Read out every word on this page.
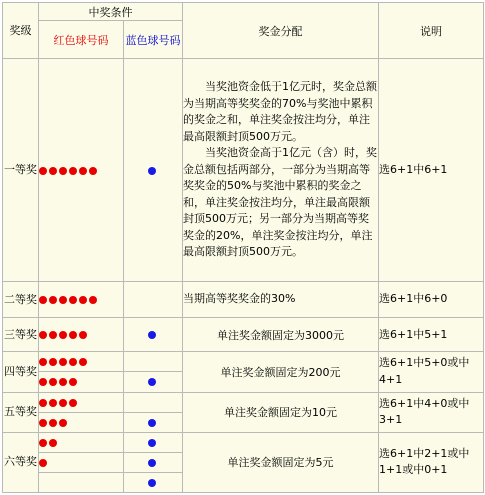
奖级	中奖条件		奖金分配	说明
	红色球号码	蓝色球号码		
一等奖			当奖池资金低于1亿元时，奖金总额为当期高等奖奖金的70%与奖池中累积的奖金之和，单注奖金按注均分，单注最高限额封顶500万元。
当奖池资金高于1亿元（含）时，奖金总额包括两部分，一部分为当期高等奖奖金的50%与奖池中累积的奖金之和，单注奖金按注均分，单注最高限额封顶500万元；另一部分为当期高等奖奖金的20%，单注奖金按注均分，单注最高限额封顶500万元。	选6+1中6+1
二等奖			当期高等奖奖金的30%	选6+1中6+0
三等奖			单注奖金额固定为3000元	选6+1中5+1
四等奖			单注奖金额固定为200元	选6+1中5+0或中4+1

五等奖			单注奖金额固定为10元	选6+1中4+0或中3+1

六等奖			单注奖金额固定为5元	选6+1中2+1或中1+1或中0+1
